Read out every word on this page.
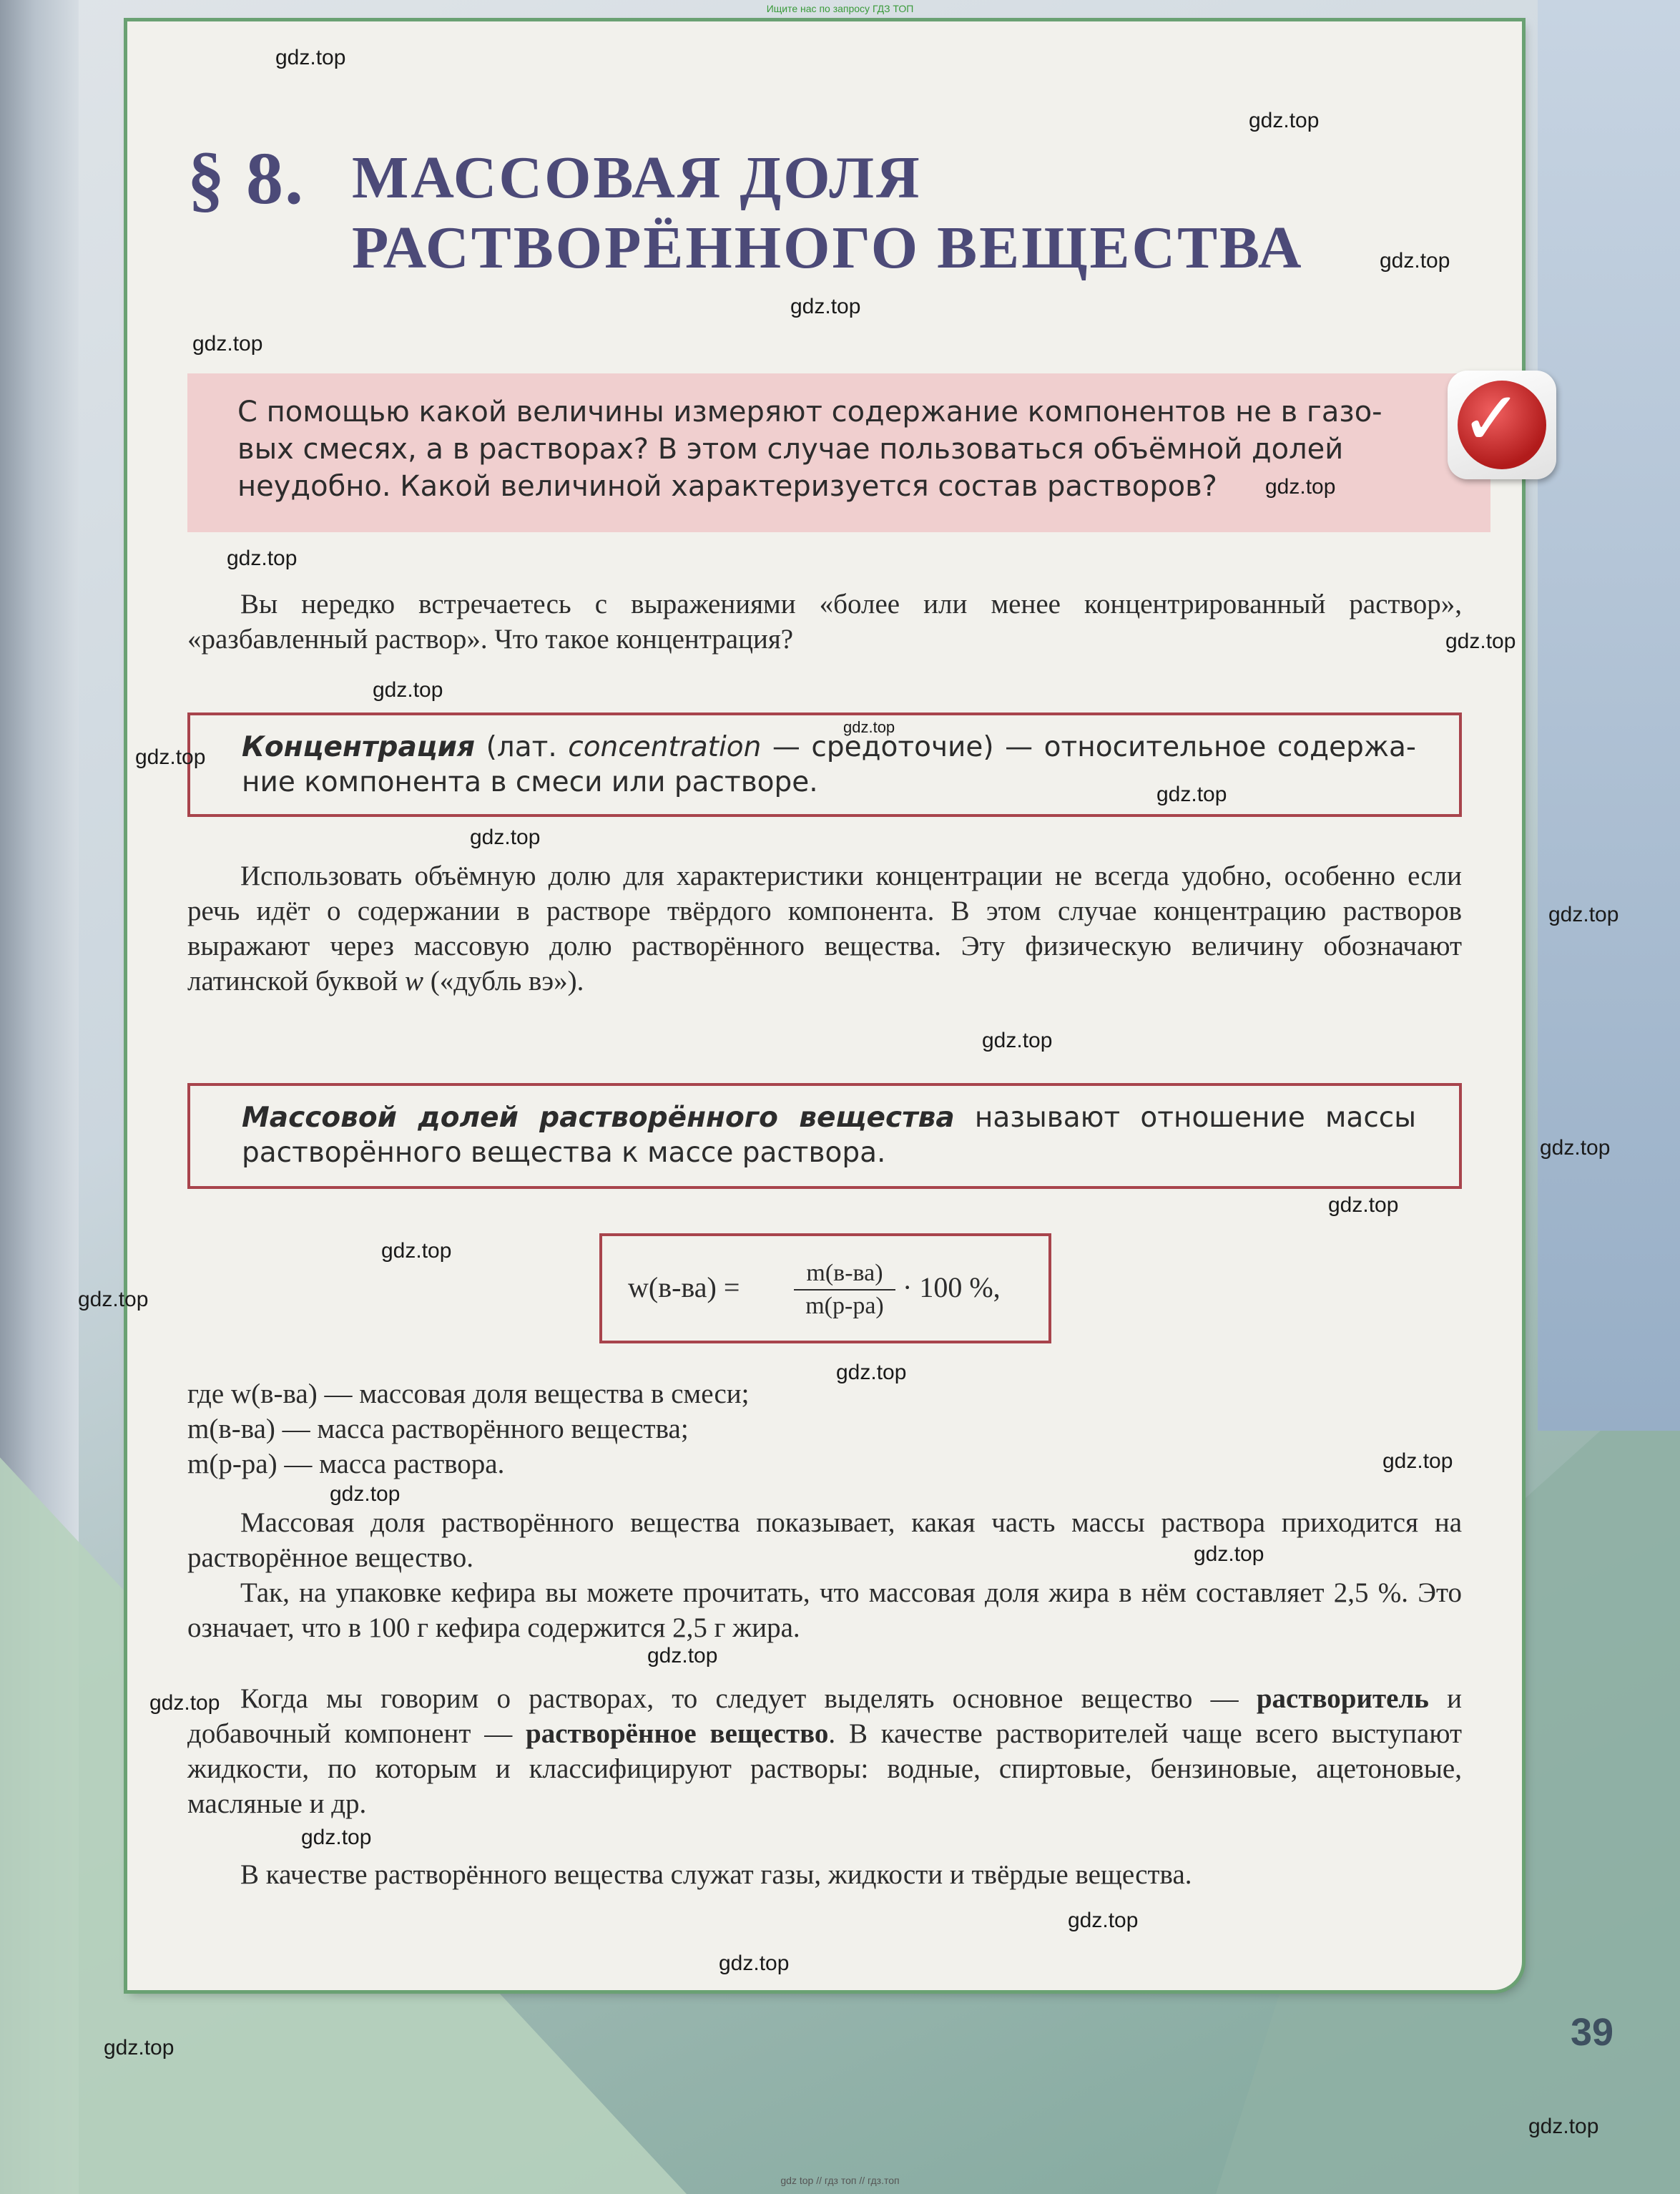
Ищите нас по запросу ГДЗ ТОП
§ 8. МАССОВАЯ ДОЛЯ
РАСТВОРЁННОГО ВЕЩЕСТВА

С помощью какой величины измеряют содержание компонентов не в газо-

вых смесях, а в растворах? В этом случае пользоваться объёмной долей

неудобно. Какой величиной характеризуется состав растворов?

✓

Вы нередко встречаетесь с выражениями «более или менее концентрированный раствор», «разбавленный раствор». Что такое концентрация?

Концентрация (лат. concentration — средоточие) — относительное содержание компонента в смеси или растворе.

Использовать объёмную долю для характеристики концентрации не всегда удобно, особенно если речь идёт о содержании в растворе твёрдого компонента. В этом случае концентрацию растворов выражают через массовую долю растворённого вещества. Эту физическую величину обозначают латинской буквой w («дубль вэ»).

Массовой долей растворённого вещества называют отношение массы растворённого вещества к массе раствора.

w(в-ва) =	m(в-ва)
m(р-ра)
· 100 %,
где w(в-ва) — массовая доля вещества в смеси;
m(в-ва) — масса растворённого вещества;
m(р-ра) — масса раствора.

Массовая доля растворённого вещества показывает, какая часть массы раствора приходится на растворённое вещество.

Так, на упаковке кефира вы можете прочитать, что массовая доля жира в нём составляет 2,5 %. Это означает, что в 100 г кефира содержится 2,5 г жира.

Когда мы говорим о растворах, то следует выделять основное вещество — растворитель и добавочный компонент — растворённое вещество. В качестве растворителей чаще всего выступают жидкости, по которым и классифицируют растворы: водные, спиртовые, бензиновые, ацетоновые, масляные и др.

В качестве растворённого вещества служат газы, жидкости и твёрдые вещества.

39
gdz top // гдз топ // гдз.топ
gdz.top
gdz.top
gdz.top
gdz.top
gdz.top
gdz.top
gdz.top
gdz.top
gdz.top
gdz.top
gdz.top
gdz.top
gdz.top
gdz.top
gdz.top
gdz.top
gdz.top
gdz.top
gdz.top
gdz.top
gdz.top
gdz.top
gdz.top
gdz.top
gdz.top
gdz.top
gdz.top
gdz.top
gdz.top
gdz.top
